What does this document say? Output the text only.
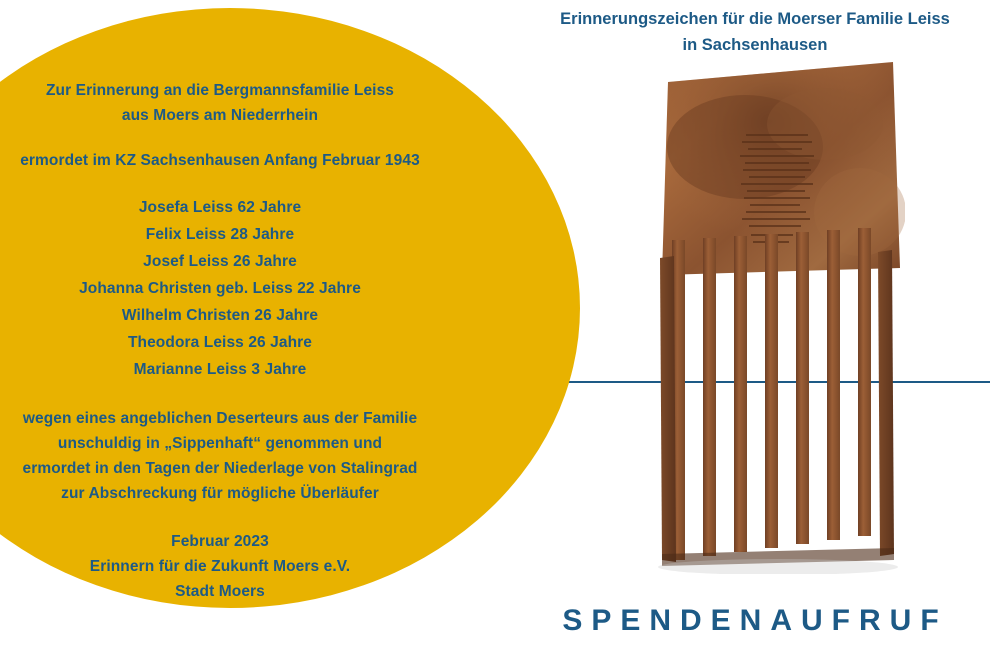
Erinnerungszeichen für die Moerser Familie Leiss
in Sachsenhausen
Zur Erinnerung an die Bergmannsfamilie Leiss
aus Moers am Niederrhein
ermordet im KZ Sachsenhausen Anfang Februar 1943
Josefa Leiss 62 Jahre
Felix Leiss 28 Jahre
Josef Leiss 26 Jahre
Johanna Christen geb. Leiss 22 Jahre
Wilhelm Christen 26 Jahre
Theodora Leiss 26 Jahre
Marianne Leiss 3 Jahre
wegen eines angeblichen Deserteurs aus der Familie
unschuldig in „Sippenhaft“ genommen und
ermordet in den Tagen der Niederlage von Stalingrad
zur Abschreckung für mögliche Überläufer
Februar 2023
Erinnern für die Zukunft Moers e.V.
Stadt Moers
SPENDENAUFRUF
